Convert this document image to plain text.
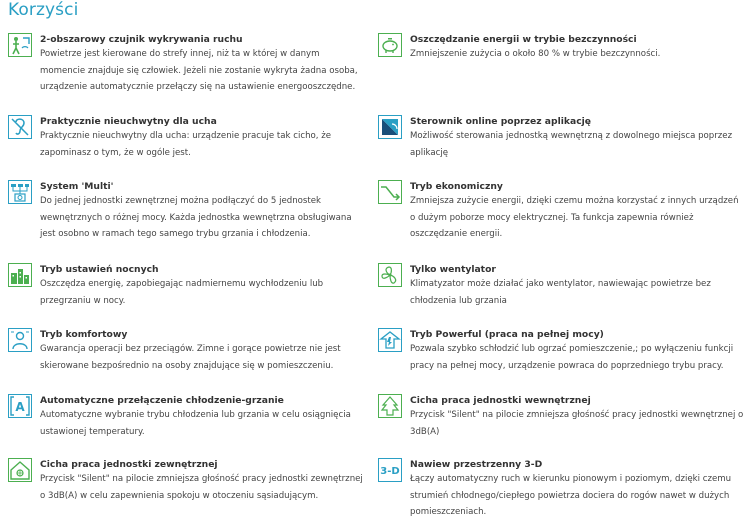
Korzyści
2-obszarowy czujnik wykrywania ruchu
Powietrze jest kierowane do strefy innej, niż ta w której w danym momencie znajduje się człowiek. Jeżeli nie zostanie wykryta żadna osoba, urządzenie automatycznie przełączy się na ustawienie energooszczędne.
Praktycznie nieuchwytny dla ucha
Praktycznie nieuchwytny dla ucha: urządzenie pracuje tak cicho, że zapominasz o tym, że w ogóle jest.
System 'Multi'
Do jednej jednostki zewnętrznej można podłączyć do 5 jednostek wewnętrznych o różnej mocy. Każda jednostka wewnętrzna obsługiwana jest osobno w ramach tego samego trybu grzania i chłodzenia.
Tryb ustawień nocnych
Oszczędza energię, zapobiegając nadmiernemu wychłodzeniu lub przegrzaniu w nocy.
Tryb komfortowy
Gwarancja operacji bez przeciągów. Zimne i gorące powietrze nie jest skierowane bezpośrednio na osoby znajdujące się w pomieszczeniu.
A Automatyczne przełączenie chłodzenie-grzanie
Automatyczne wybranie trybu chłodzenia lub grzania w celu osiągnięcia ustawionej temperatury.
Cicha praca jednostki zewnętrznej
Przycisk "Silent" na pilocie zmniejsza głośność pracy jednostki zewnętrznej o 3dB(A) w celu zapewnienia spokoju w otoczeniu sąsiadującym.
Oszczędzanie energii w trybie bezczynności
Zmniejszenie zużycia o około 80 % w trybie bezczynności.
Sterownik online poprzez aplikację
Możliwość sterowania jednostką wewnętrzną z dowolnego miejsca poprzez aplikację
Tryb ekonomiczny
Zmniejsza zużycie energii, dzięki czemu można korzystać z innych urządzeń o dużym poborze mocy elektrycznej. Ta funkcja zapewnia również oszczędzanie energii.
Tylko wentylator
Klimatyzator może działać jako wentylator, nawiewając powietrze bez chłodzenia lub grzania
Tryb Powerful (praca na pełnej mocy)
Pozwala szybko schłodzić lub ogrzać pomieszczenie,; po wyłączeniu funkcji pracy na pełnej mocy, urządzenie powraca do poprzedniego trybu pracy.
Cicha praca jednostki wewnętrznej
Przycisk "Silent" na pilocie zmniejsza głośność pracy jednostki wewnętrznej o 3dB(A)
3-D
Nawiew przestrzenny 3-D
Łączy automatyczny ruch w kierunku pionowym i poziomym, dzięki czemu strumień chłodnego/ciepłego powietrza dociera do rogów nawet w dużych pomieszczeniach.
